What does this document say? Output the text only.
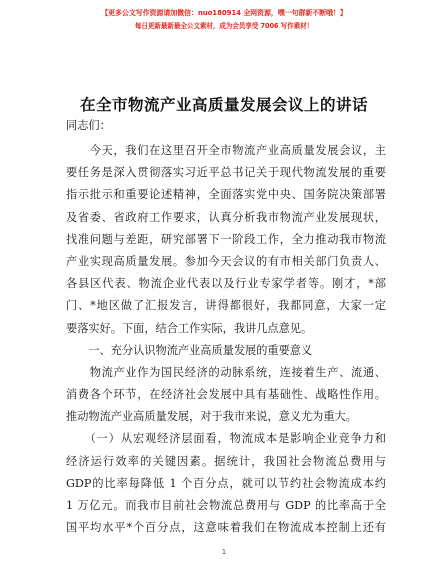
【更多公文写作资源请加微信：nuo180914 全网资源，嘿一句群新不断哦！】
每日更新最新最全公文素材，成为会员享受 7006 写作素材！
在全市物流产业高质量发展会议上的讲话
同志们：
　　今天，我们在这里召开全市物流产业高质量发展会议，主
要任务是深入贯彻落实习近平总书记关于现代物流发展的重要
指示批示和重要论述精神，全面落实党中央、国务院决策部署
及省委、省政府工作要求，认真分析我市物流产业发展现状，
找准问题与差距，研究部署下一阶段工作，全力推动我市物流
产业实现高质量发展。参加今天会议的有市相关部门负责人、
各县区代表、物流企业代表以及行业专家学者等。刚才，*部
门、*地区做了汇报发言，讲得都很好，我都同意，大家一定
要落实好。下面，结合工作实际，我讲几点意见。
　　一、充分认识物流产业高质量发展的重要意义
　　物流产业作为国民经济的动脉系统，连接着生产、流通、
消费各个环节，在经济社会发展中具有基础性、战略性作用。
推动物流产业高质量发展，对于我市来说，意义尤为重大。
　　（一）从宏观经济层面看，物流成本是影响企业竞争力和
经济运行效率的关键因素。据统计，我国社会物流总费用与
GDP的比率每降低 1 个百分点，就可以节约社会物流成本约
1 万亿元。而我市目前社会物流总费用与 GDP 的比率高于全
国平均水平*个百分点，这意味着我们在物流成本控制上还有
1
